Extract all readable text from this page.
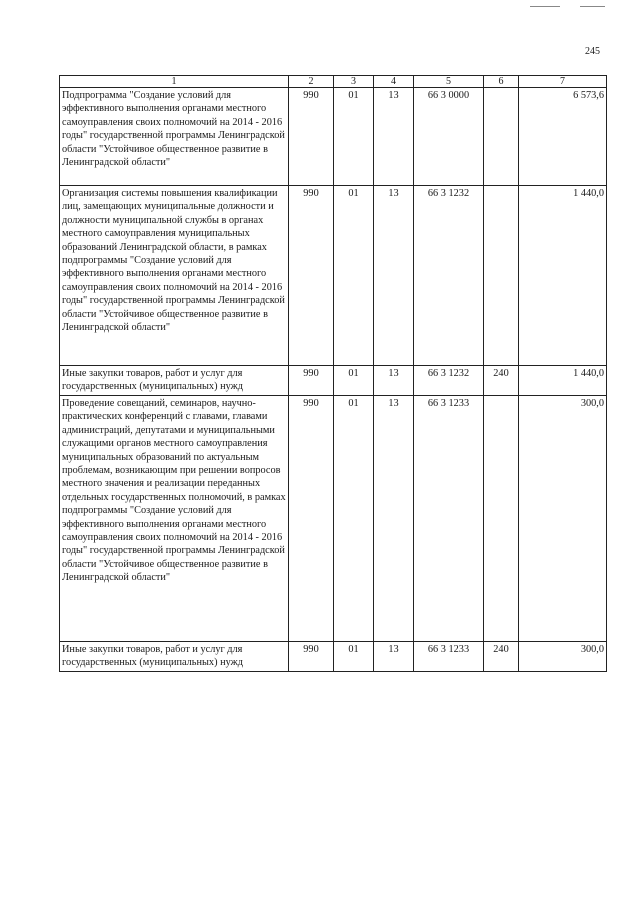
245
1	2	3	4	5	6	7
Подпрограмма "Создание условий для эффективного выполнения органами местного самоуправления своих полномочий на 2014 - 2016 годы" государственной программы Ленинградской области "Устойчивое общественное развитие в Ленинградской области"	990	01	13	66 3 0000		6 573,6
Организация системы повышения квалификации лиц, замещающих муниципальные должности и должности муниципальной службы в органах местного самоуправления муниципальных образований Ленинградской области, в рамках подпрограммы "Создание условий для эффективного выполнения органами местного самоуправления своих полномочий на 2014 - 2016 годы" государственной программы Ленинградской области "Устойчивое общественное развитие в Ленинградской области"	990	01	13	66 3 1232		1 440,0
Иные закупки товаров, работ и услуг для государственных (муниципальных) нужд	990	01	13	66 3 1232	240	1 440,0
Проведение совещаний, семинаров, научно-практических конференций с главами, главами администраций, депутатами и муниципальными служащими органов местного самоуправления муниципальных образований по актуальным проблемам, возникающим при решении вопросов местного значения и реализации переданных отдельных государственных полномочий, в рамках подпрограммы "Создание условий для эффективного выполнения органами местного самоуправления своих полномочий на 2014 - 2016 годы" государственной программы Ленинградской области "Устойчивое общественное развитие в Ленинградской области"	990	01	13	66 3 1233		300,0
Иные закупки товаров, работ и услуг для государственных (муниципальных) нужд	990	01	13	66 3 1233	240	300,0
